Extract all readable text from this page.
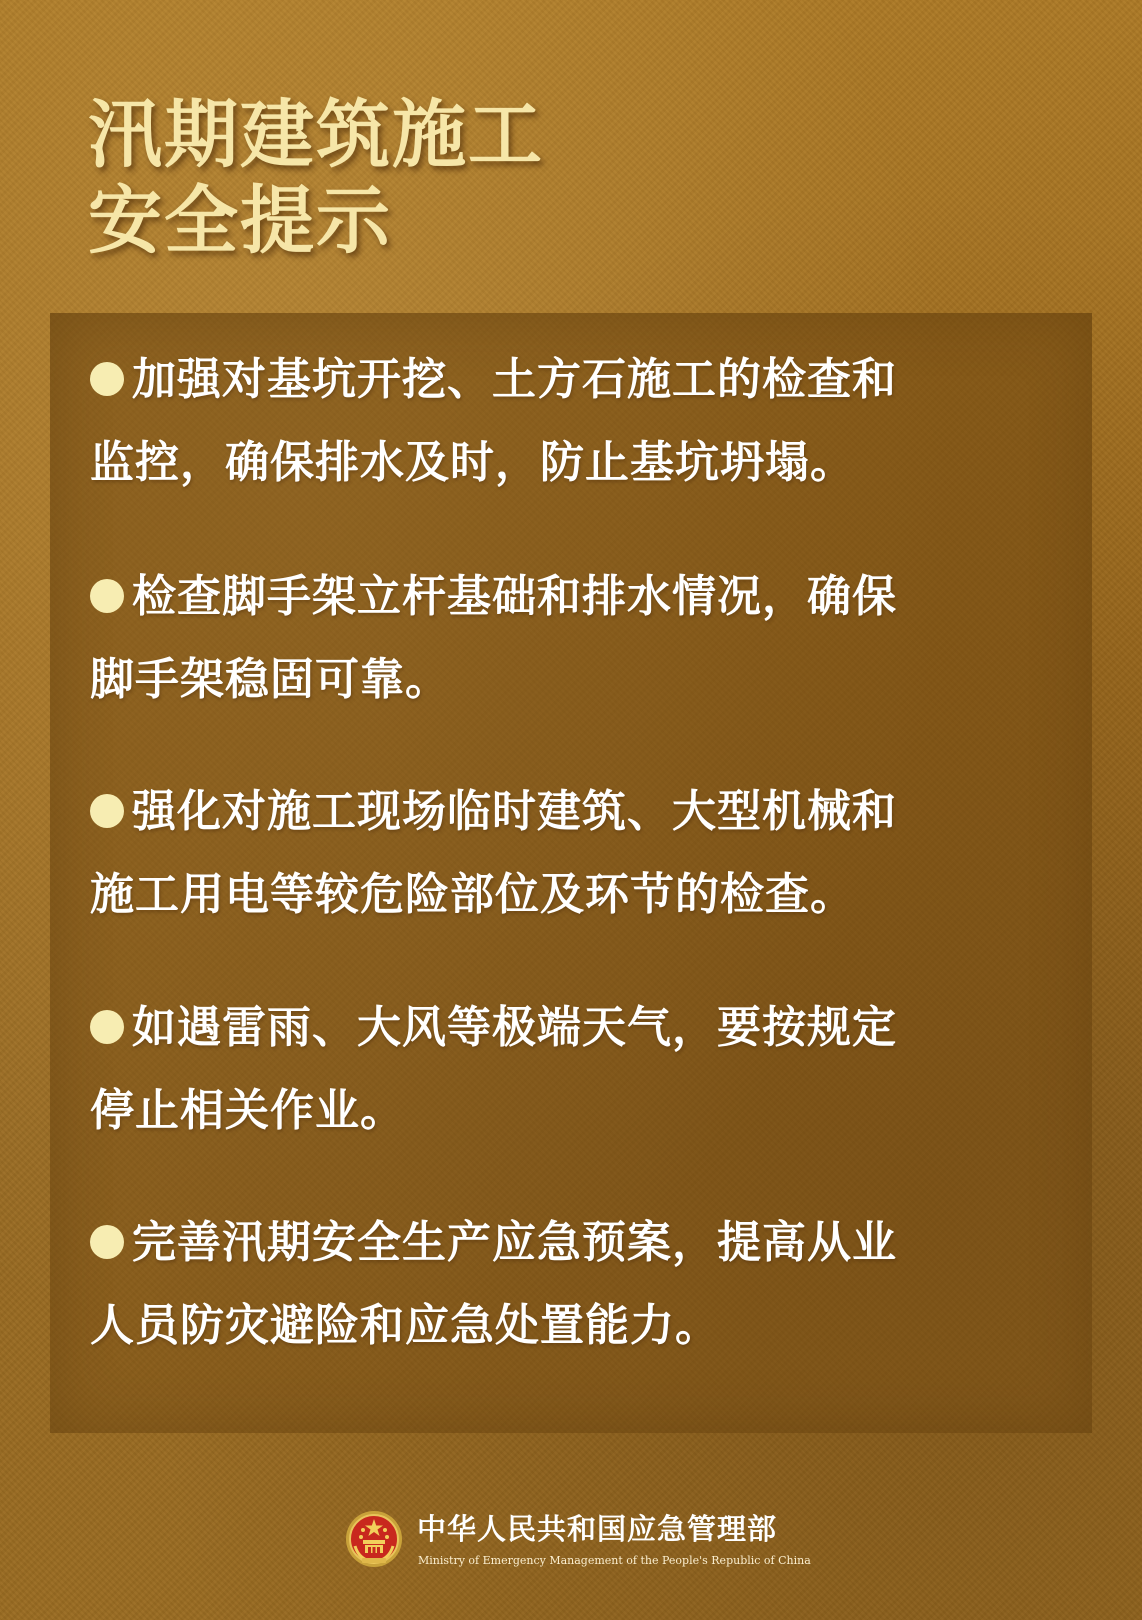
汛期建筑施工
安全提示
加强对基坑开挖、土方石施工的检查和
监控，确保排水及时，防止基坑坍塌。
检查脚手架立杆基础和排水情况，确保
脚手架稳固可靠。
强化对施工现场临时建筑、大型机械和
施工用电等较危险部位及环节的检查。
如遇雷雨、大风等极端天气，要按规定
停止相关作业。
完善汛期安全生产应急预案，提高从业
人员防灾避险和应急处置能力。
中华人民共和国应急管理部
Ministry of Emergency Management of the People's Republic of China
